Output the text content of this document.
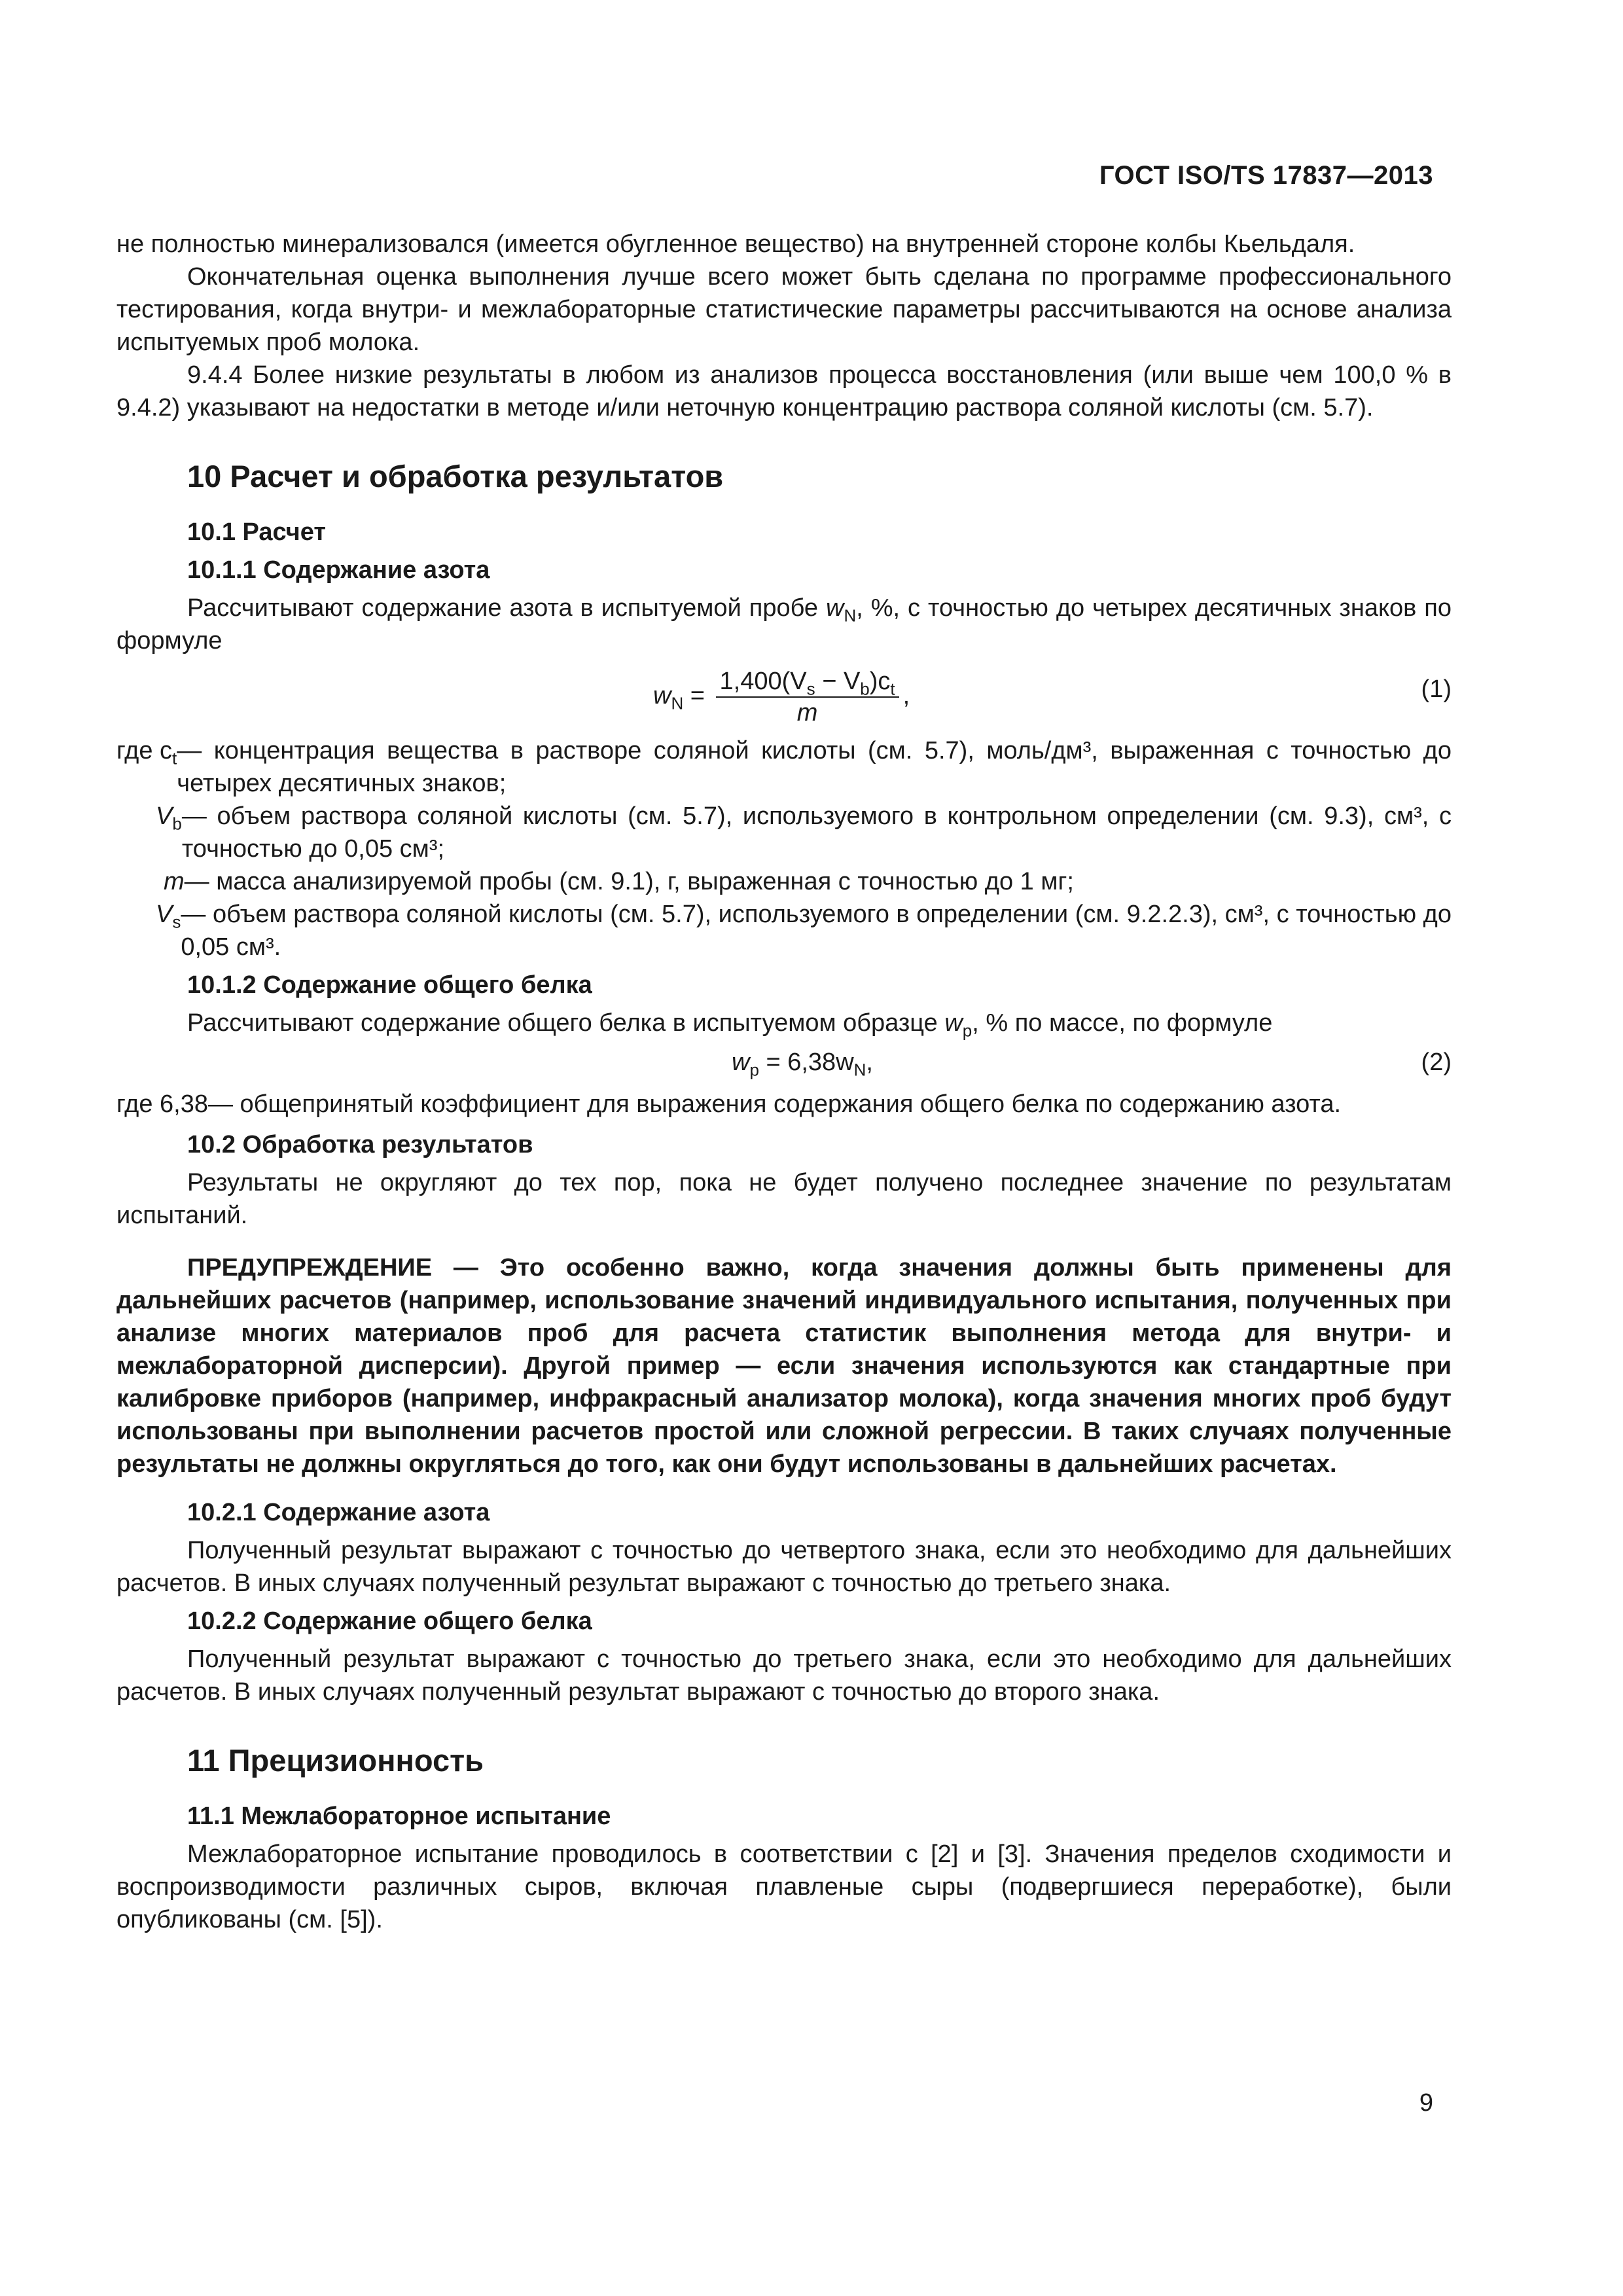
ГОСТ ISO/TS 17837—2013

не полностью минерализовался (имеется обугленное вещество) на внутренней стороне колбы Кьельдаля.

Окончательная оценка выполнения лучше всего может быть сделана по программе профессионального тестирования, когда внутри- и межлабораторные статистические параметры рассчитываются на основе анализа испытуемых проб молока.

9.4.4 Более низкие результаты в любом из анализов процесса восстановления (или выше чем 100,0 % в 9.4.2) указывают на недостатки в методе и/или неточную концентрацию раствора соляной кислоты (см. 5.7).

10 Расчет и обработка результатов
10.1 Расчет
10.1.1 Содержание азота

Рассчитывают содержание азота в испытуемой пробе $w_N$, %, с точностью до четырех десятичных знаков по формуле

$w_N = \frac{1,400(V_s - V_b)c_t}{m}$ ,	(1)
где $c_t$ — концентрация вещества в растворе соляной кислоты (см. 5.7), моль/дм³, выраженная с точностью до четырех десятичных знаков;
$V_b$ — объем раствора соляной кислоты (см. 5.7), используемого в контрольном определении (см. 9.3), см³, с точностью до 0,05 см³;
m — масса анализируемой пробы (см. 9.1), г, выраженная с точностью до 1 мг;
$V_s$ — объем раствора соляной кислоты (см. 5.7), используемого в определении (см. 9.2.2.3), см³, с точностью до 0,05 см³.
10.1.2 Содержание общего белка

Рассчитывают содержание общего белка в испытуемом образце $w_p$, % по массе, по формуле

$w_p = 6,38w_N$,	(2)
где 6,38 — общепринятый коэффициент для выражения содержания общего белка по содержанию азота.
10.2 Обработка результатов

Результаты не округляют до тех пор, пока не будет получено последнее значение по результатам испытаний.

ПРЕДУПРЕЖДЕНИЕ — Это особенно важно, когда значения должны быть применены для дальнейших расчетов (например, использование значений индивидуального испытания, полученных при анализе многих материалов проб для расчета статистик выполнения метода для внутри- и межлабораторной дисперсии). Другой пример — если значения используются как стандартные при калибровке приборов (например, инфракрасный анализатор молока), когда значения многих проб будут использованы при выполнении расчетов простой или сложной регрессии. В таких случаях полученные результаты не должны округляться до того, как они будут использованы в дальнейших расчетах.

10.2.1 Содержание азота

Полученный результат выражают с точностью до четвертого знака, если это необходимо для дальнейших расчетов. В иных случаях полученный результат выражают с точностью до третьего знака.

10.2.2 Содержание общего белка

Полученный результат выражают с точностью до третьего знака, если это необходимо для дальнейших расчетов. В иных случаях полученный результат выражают с точностью до второго знака.

11 Прецизионность
11.1 Межлабораторное испытание

Межлабораторное испытание проводилось в соответствии с [2] и [3]. Значения пределов сходимости и воспроизводимости различных сыров, включая плавленые сыры (подвергшиеся переработке), были опубликованы (см. [5]).

9
